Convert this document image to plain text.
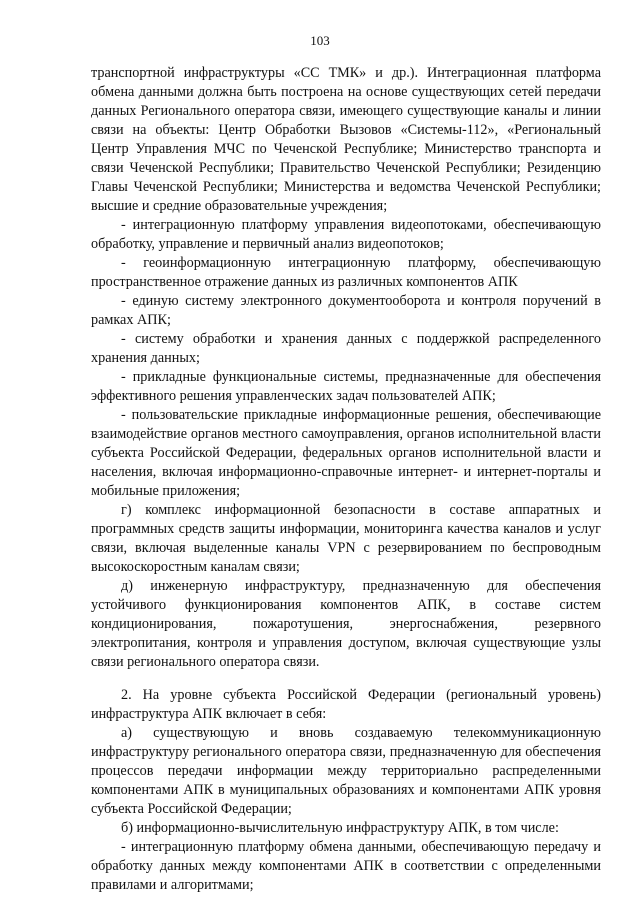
103

транспортной инфраструктуры «СС ТМК» и др.). Интеграционная платформа обмена данными должна быть построена на основе существующих сетей передачи данных Регионального оператора связи, имеющего существующие каналы и линии связи на объекты: Центр Обработки Вызовов «Системы-112», «Региональный Центр Управления МЧС по Чеченской Республике; Министерство транспорта и связи Чеченской Республики; Правительство Чеченской Республики; Резиденцию Главы Чеченской Республики; Министерства и ведомства Чеченской Республики; высшие и средние образовательные учреждения;

- интеграционную платформу управления видеопотоками, обеспечивающую обработку, управление и первичный анализ видеопотоков;

- геоинформационную интеграционную платформу, обеспечивающую пространственное отражение данных из различных компонентов АПК

- единую систему электронного документооборота и контроля поручений в рамках АПК;

- систему обработки и хранения данных с поддержкой распределенного хранения данных;

- прикладные функциональные системы, предназначенные для обеспечения эффективного решения управленческих задач пользователей АПК;

- пользовательские прикладные информационные решения, обеспечивающие взаимодействие органов местного самоуправления, органов исполнительной власти субъекта Российской Федерации, федеральных органов исполнительной власти и населения, включая информационно-справочные интернет- и интернет-порталы и мобильные приложения;

г) комплекс информационной безопасности в составе аппаратных и программных средств защиты информации, мониторинга качества каналов и услуг связи, включая выделенные каналы VPN с резервированием по беспроводным высокоскоростным каналам связи;

д) инженерную инфраструктуру, предназначенную для обеспечения устойчивого функционирования компонентов АПК, в составе систем кондиционирования, пожаротушения, энергоснабжения, резервного электропитания, контроля и управления доступом, включая существующие узлы связи регионального оператора связи.

2. На уровне субъекта Российской Федерации (региональный уровень) инфраструктура АПК включает в себя:

а) существующую и вновь создаваемую телекоммуникационную инфраструктуру регионального оператора связи, предназначенную для обеспечения процессов передачи информации между территориально распределенными компонентами АПК в муниципальных образованиях и компонентами АПК уровня субъекта Российской Федерации;

б) информационно-вычислительную инфраструктуру АПК, в том числе:

- интеграционную платформу обмена данными, обеспечивающую передачу и обработку данных между компонентами АПК в соответствии с определенными правилами и алгоритмами;
